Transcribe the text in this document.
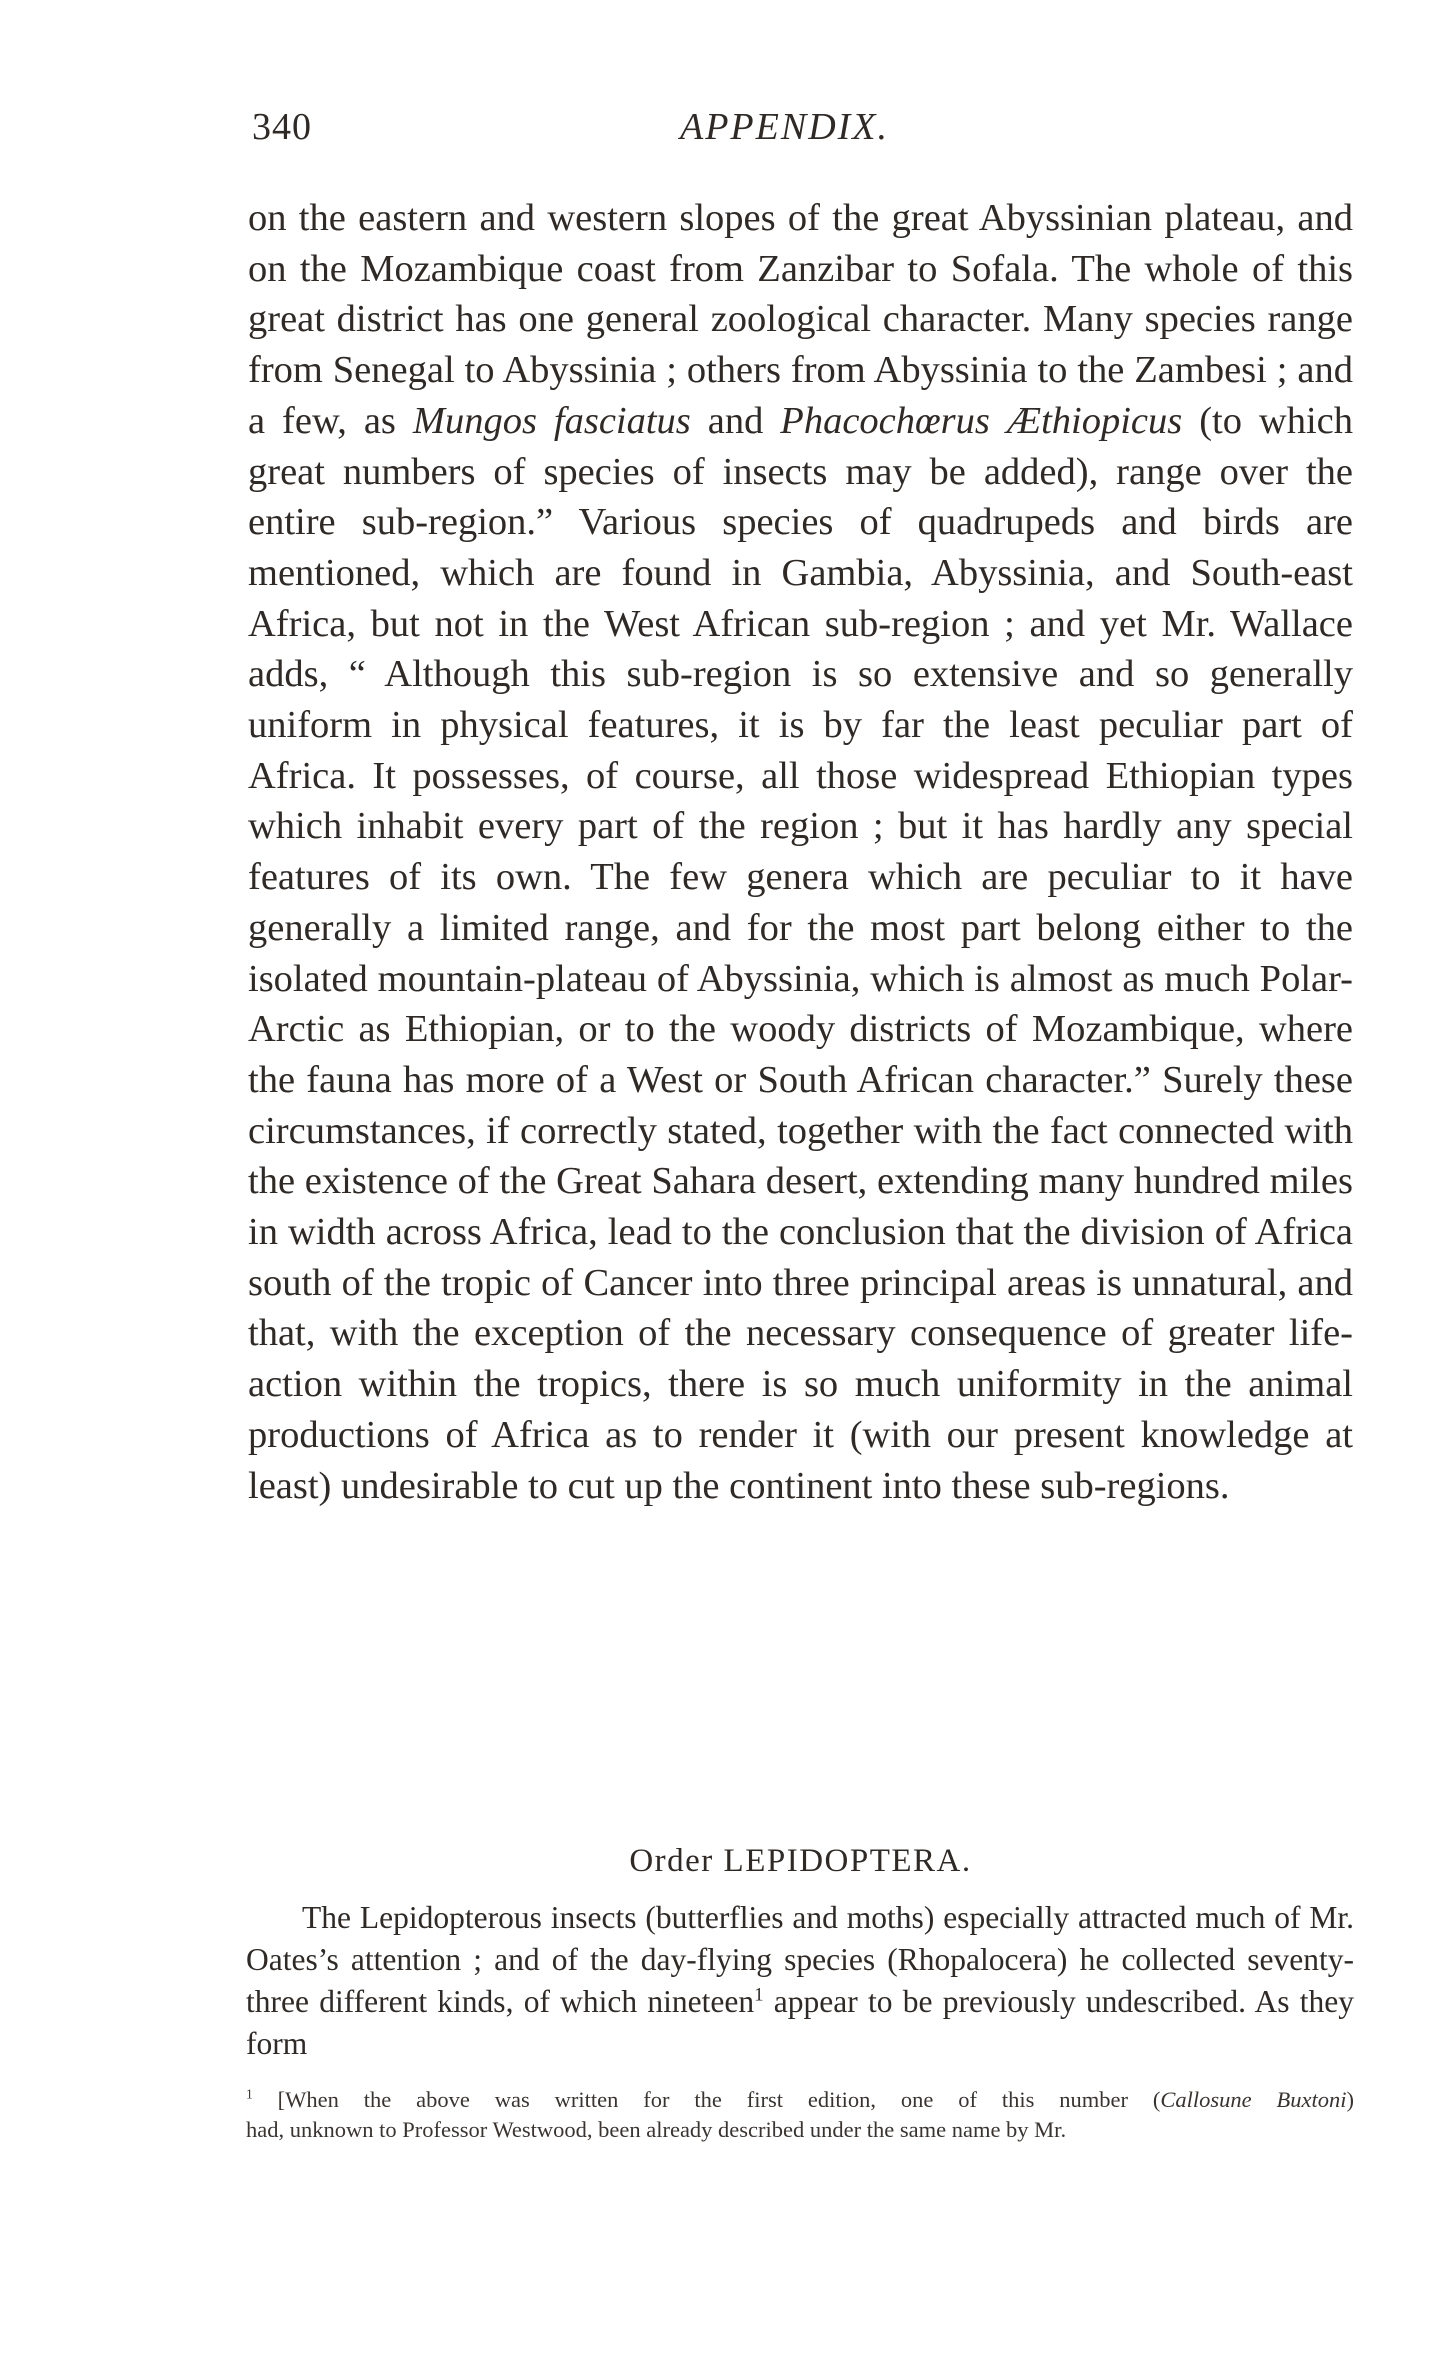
340	APPENDIX.

on the eastern and western slopes of the great Abyssinian plateau, and on the Mozambique coast from Zanzibar to Sofala. The whole of this great district has one general zoological character. Many species range from Senegal to Abyssinia ; others from Abyssinia to the Zambesi ; and a few, as Mungos fasciatus and Phacochœrus Æthiopicus (to which great numbers of species of insects may be added), range over the entire sub-region.” Various species of quadrupeds and birds are mentioned, which are found in Gambia, Abyssinia, and South-east Africa, but not in the West African sub-region ; and yet Mr. Wallace adds, “ Although this sub-region is so extensive and so generally uniform in physical features, it is by far the least peculiar part of Africa. It possesses, of course, all those widespread Ethiopian types which inhabit every part of the region ; but it has hardly any special features of its own. The few genera which are peculiar to it have generally a limited range, and for the most part belong either to the isolated mountain-plateau of Abyssinia, which is almost as much Polar-Arctic as Ethiopian, or to the woody districts of Mozambique, where the fauna has more of a West or South African character.” Surely these circumstances, if correctly stated, together with the fact connected with the existence of the Great Sahara desert, extending many hundred miles in width across Africa, lead to the conclusion that the division of Africa south of the tropic of Cancer into three principal areas is unnatural, and that, with the exception of the necessary consequence of greater life-action within the tropics, there is so much uniformity in the animal productions of Africa as to render it (with our present knowledge at least) undesirable to cut up the continent into these sub-regions.

Order LEPIDOPTERA.

The Lepidopterous insects (butterflies and moths) especially attracted much of Mr. Oates’s attention ; and of the day-flying species (Rhopalocera) he collected seventy-three different kinds, of which nineteen$^1$ appear to be previously undescribed. As they form

$^1$ [When the above was written for the first edition, one of this number (Callosune Buxtoni)
had, unknown to Professor Westwood, been already described under the same name by Mr.
